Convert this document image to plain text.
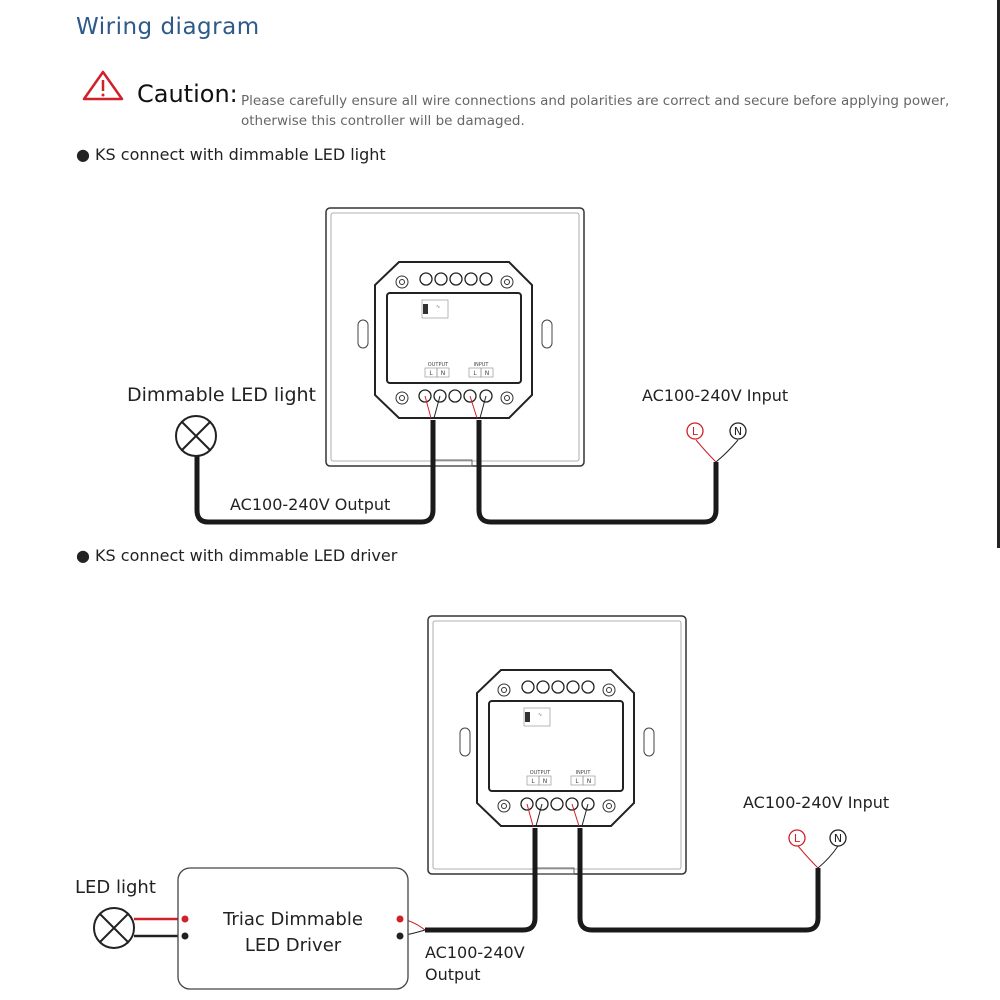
Wiring diagram
Caution: Please carefully ensure all wire connections and polarities are correct and secure before applying power,
otherwise this controller will be damaged.
● KS connect with dimmable LED light
● KS connect with dimmable LED driver
OUTPUT	INPUT
L N	L N
L	N
OUTPUT	INPUT
L N	L N
L	N
Dimmable LED light
AC100-240V Output
AC100-240V Input
LED light
Triac Dimmable
LED Driver	AC100-240V
Output
AC100-240V Input
